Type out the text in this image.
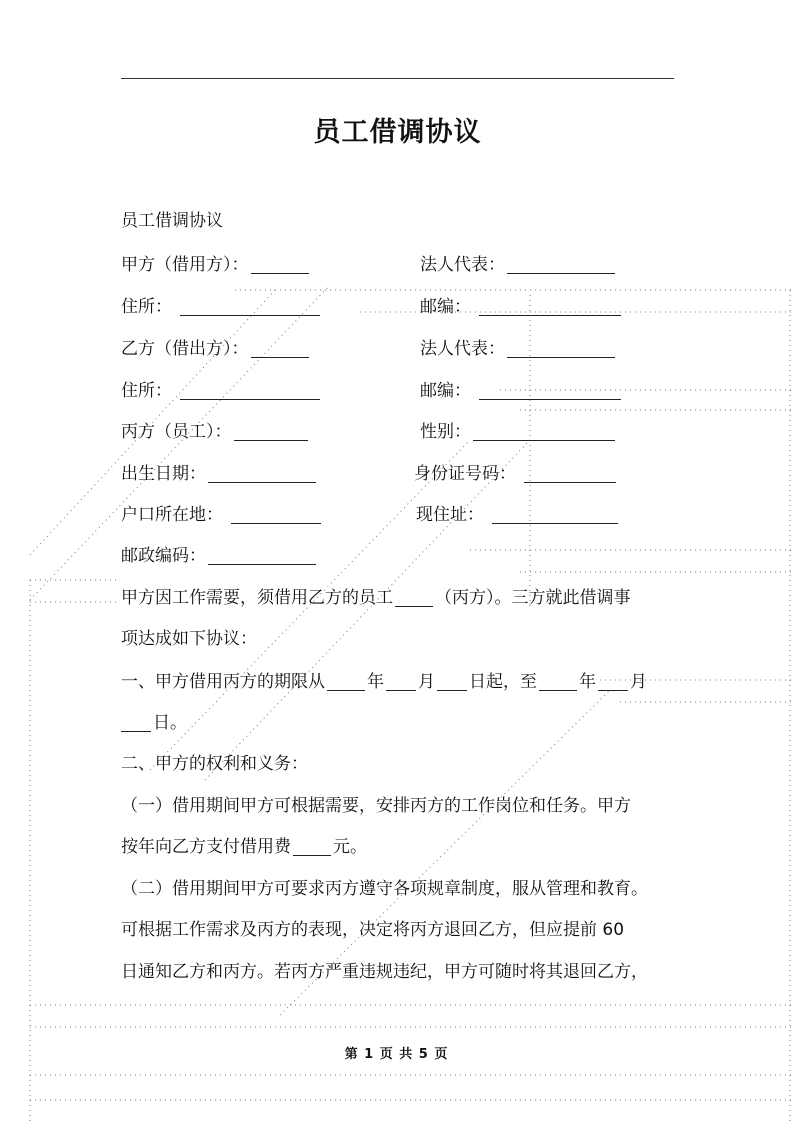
员工借调协议
员工借调协议
甲方（借用方）：	法人代表：
住所：	邮编：
乙方（借出方）：	法人代表：
住所：	邮编：
丙方（员工）：	性别：
出生日期：	身份证号码：
户口所在地：	现住址：
邮政编码：
甲方因工作需要，须借用乙方的员工 （丙方）。三方就此借调事
项达成如下协议：
一、甲方借用丙方的期限从 年 月 日起，至 年 月
日。
二、甲方的权利和义务：
（一）借用期间甲方可根据需要，安排丙方的工作岗位和任务。甲方
按年向乙方支付借用费 元。
（二）借用期间甲方可要求丙方遵守各项规章制度，服从管理和教育。
可根据工作需求及丙方的表现，决定将丙方退回乙方，但应提前 60
日通知乙方和丙方。若丙方严重违规违纪，甲方可随时将其退回乙方，
第 1 页 共 5 页
